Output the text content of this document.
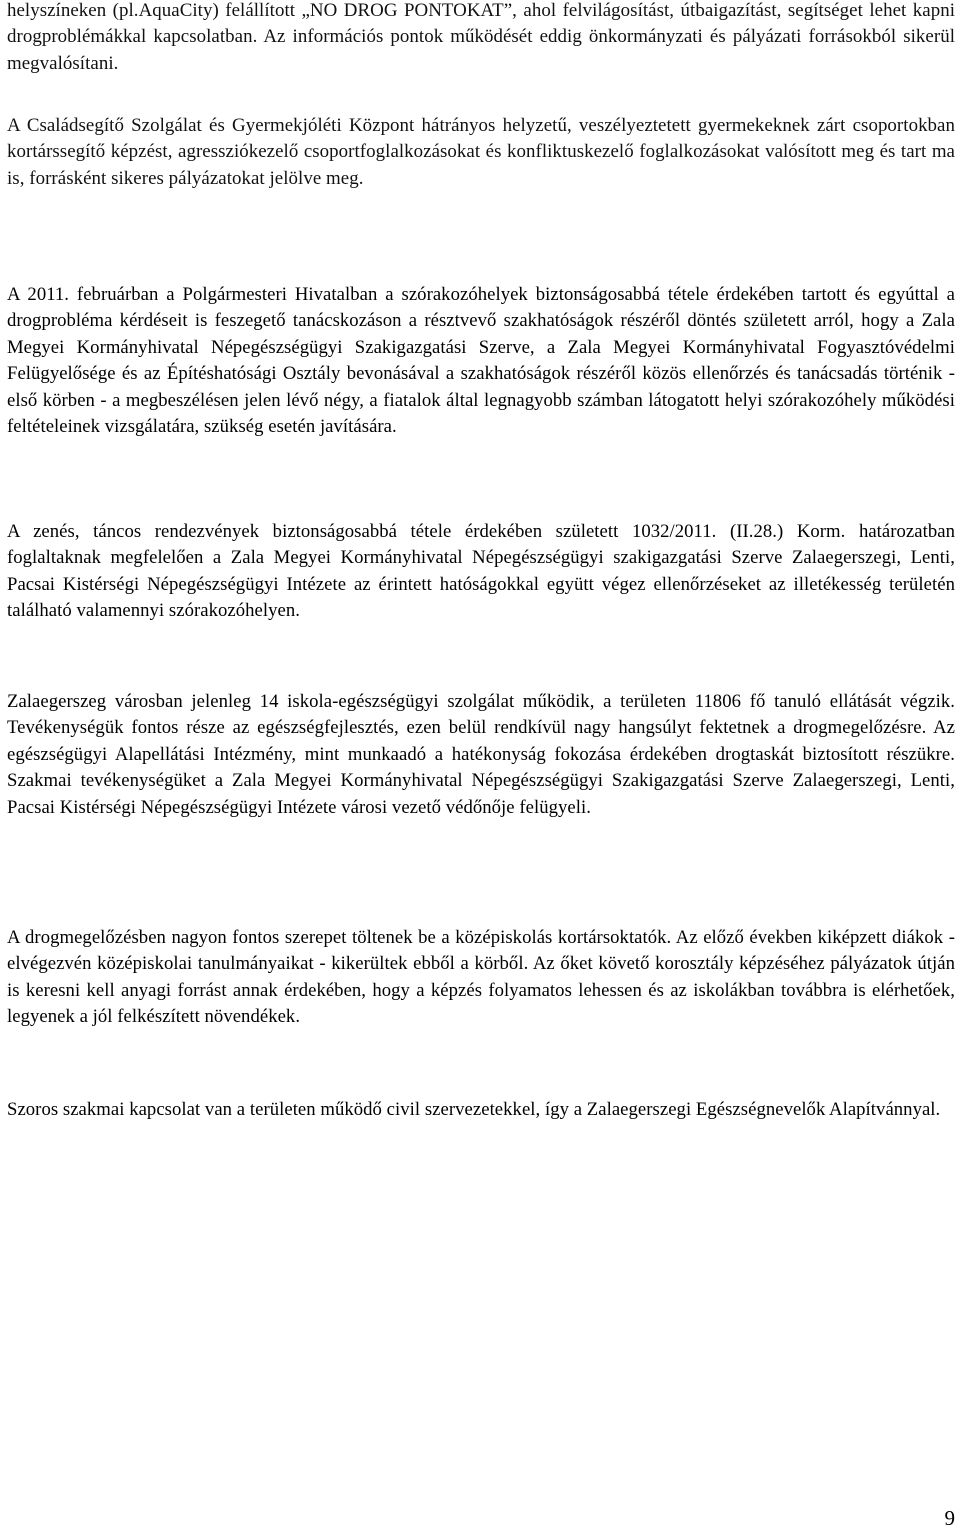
helyszíneken (pl.AquaCity) felállított „NO DROG PONTOKAT”, ahol felvilágosítást, útbaigazítást, segítséget lehet kapni drogproblémákkal kapcsolatban. Az információs pontok működését eddig önkormányzati és pályázati forrásokból sikerül megvalósítani.

A Családsegítő Szolgálat és Gyermekjóléti Központ hátrányos helyzetű, veszélyeztetett gyermekeknek zárt csoportokban kortárssegítő képzést, agressziókezelő csoportfoglalkozásokat és konfliktuskezelő foglalkozásokat valósított meg és tart ma is, forrásként sikeres pályázatokat jelölve meg.

A 2011. februárban a Polgármesteri Hivatalban a szórakozóhelyek biztonságosabbá tétele érdekében tartott és egyúttal a drogprobléma kérdéseit is feszegető tanácskozáson a résztvevő szakhatóságok részéről döntés született arról, hogy a Zala Megyei Kormányhivatal Népegészségügyi Szakigazgatási Szerve, a Zala Megyei Kormányhivatal Fogyasztóvédelmi Felügyelősége és az Építéshatósági Osztály bevonásával a szakhatóságok részéről közös ellenőrzés és tanácsadás történik - első körben - a megbeszélésen jelen lévő négy, a fiatalok által legnagyobb számban látogatott helyi szórakozóhely működési feltételeinek vizsgálatára, szükség esetén javítására.

A zenés, táncos rendezvények biztonságosabbá tétele érdekében született 1032/2011. (II.28.) Korm. határozatban foglaltaknak megfelelően a Zala Megyei Kormányhivatal Népegészségügyi szakigazgatási Szerve Zalaegerszegi, Lenti, Pacsai Kistérségi Népegészségügyi Intézete az érintett hatóságokkal együtt végez ellenőrzéseket az illetékesség területén található valamennyi szórakozóhelyen.

Zalaegerszeg városban jelenleg 14 iskola-egészségügyi szolgálat működik, a területen 11806 fő tanuló ellátását végzik. Tevékenységük fontos része az egészségfejlesztés, ezen belül rendkívül nagy hangsúlyt fektetnek a drogmegelőzésre. Az egészségügyi Alapellátási Intézmény, mint munkaadó a hatékonyság fokozása érdekében drogtaskát biztosított részükre. Szakmai tevékenységüket a Zala Megyei Kormányhivatal Népegészségügyi Szakigazgatási Szerve Zalaegerszegi, Lenti, Pacsai Kistérségi Népegészségügyi Intézete városi vezető védőnője felügyeli.

A drogmegelőzésben nagyon fontos szerepet töltenek be a középiskolás kortársoktatók. Az előző években kiképzett diákok - elvégezvén középiskolai tanulmányaikat - kikerültek ebből a körből. Az őket követő korosztály képzéséhez pályázatok útján is keresni kell anyagi forrást annak érdekében, hogy a képzés folyamatos lehessen és az iskolákban továbbra is elérhetőek, legyenek a jól felkészített növendékek.

Szoros szakmai kapcsolat van a területen működő civil szervezetekkel, így a Zalaegerszegi Egészségnevelők Alapítvánnyal.

9
